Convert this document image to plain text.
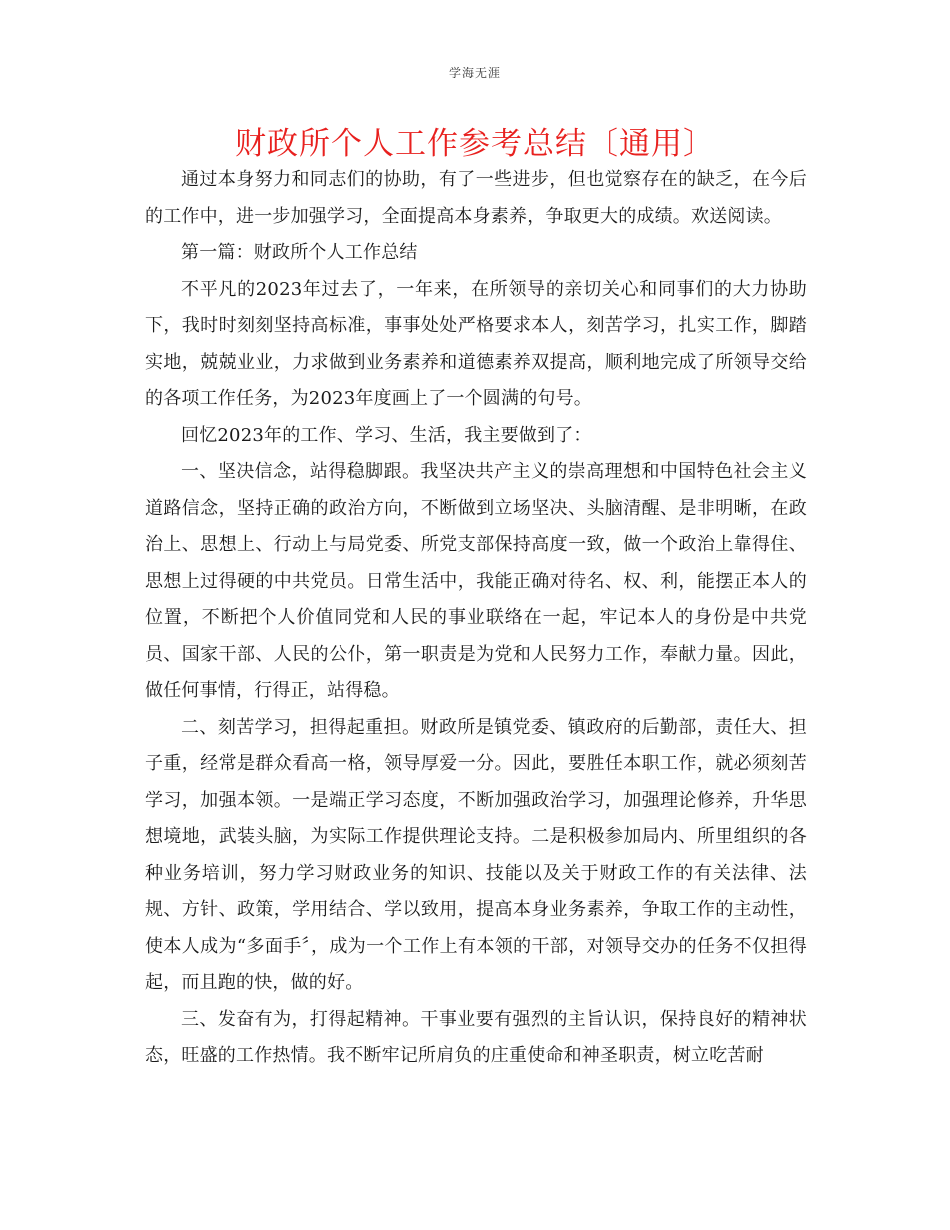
学海无涯
财政所个人工作参考总结〔通用〕

通过本身努力和同志们的协助，有了一些进步，但也觉察存在的缺乏，在今后的工作中，进一步加强学习，全面提高本身素养，争取更大的成绩。欢送阅读。

第一篇：财政所个人工作总结

不平凡的2023年过去了，一年来，在所领导的亲切关心和同事们的大力协助下，我时时刻刻坚持高标准，事事处处严格要求本人，刻苦学习，扎实工作，脚踏实地，兢兢业业，力求做到业务素养和道德素养双提高，顺利地完成了所领导交给的各项工作任务，为2023年度画上了一个圆满的句号。

回忆2023年的工作、学习、生活，我主要做到了：

一、坚决信念，站得稳脚跟。我坚决共产主义的崇高理想和中国特色社会主义道路信念，坚持正确的政治方向，不断做到立场坚决、头脑清醒、是非明晰，在政治上、思想上、行动上与局党委、所党支部保持高度一致，做一个政治上靠得住、思想上过得硬的中共党员。日常生活中，我能正确对待名、权、利，能摆正本人的位置，不断把个人价值同党和人民的事业联络在一起，牢记本人的身份是中共党员、国家干部、人民的公仆，第一职责是为党和人民努力工作，奉献力量。因此，做任何事情，行得正，站得稳。

二、刻苦学习，担得起重担。财政所是镇党委、镇政府的后勤部，责任大、担子重，经常是群众看高一格，领导厚爱一分。因此，要胜任本职工作，就必须刻苦学习，加强本领。一是端正学习态度，不断加强政治学习，加强理论修养，升华思想境地，武装头脑，为实际工作提供理论支持。二是积极参加局内、所里组织的各种业务培训，努力学习财政业务的知识、技能以及关于财政工作的有关法律、法规、方针、政策，学用结合、学以致用，提高本身业务素养，争取工作的主动性，使本人成为“多面手〞，成为一个工作上有本领的干部，对领导交办的任务不仅担得起，而且跑的快，做的好。

三、发奋有为，打得起精神。干事业要有强烈的主旨认识，保持良好的精神状态，旺盛的工作热情。我不断牢记所肩负的庄重使命和神圣职责，树立吃苦耐
